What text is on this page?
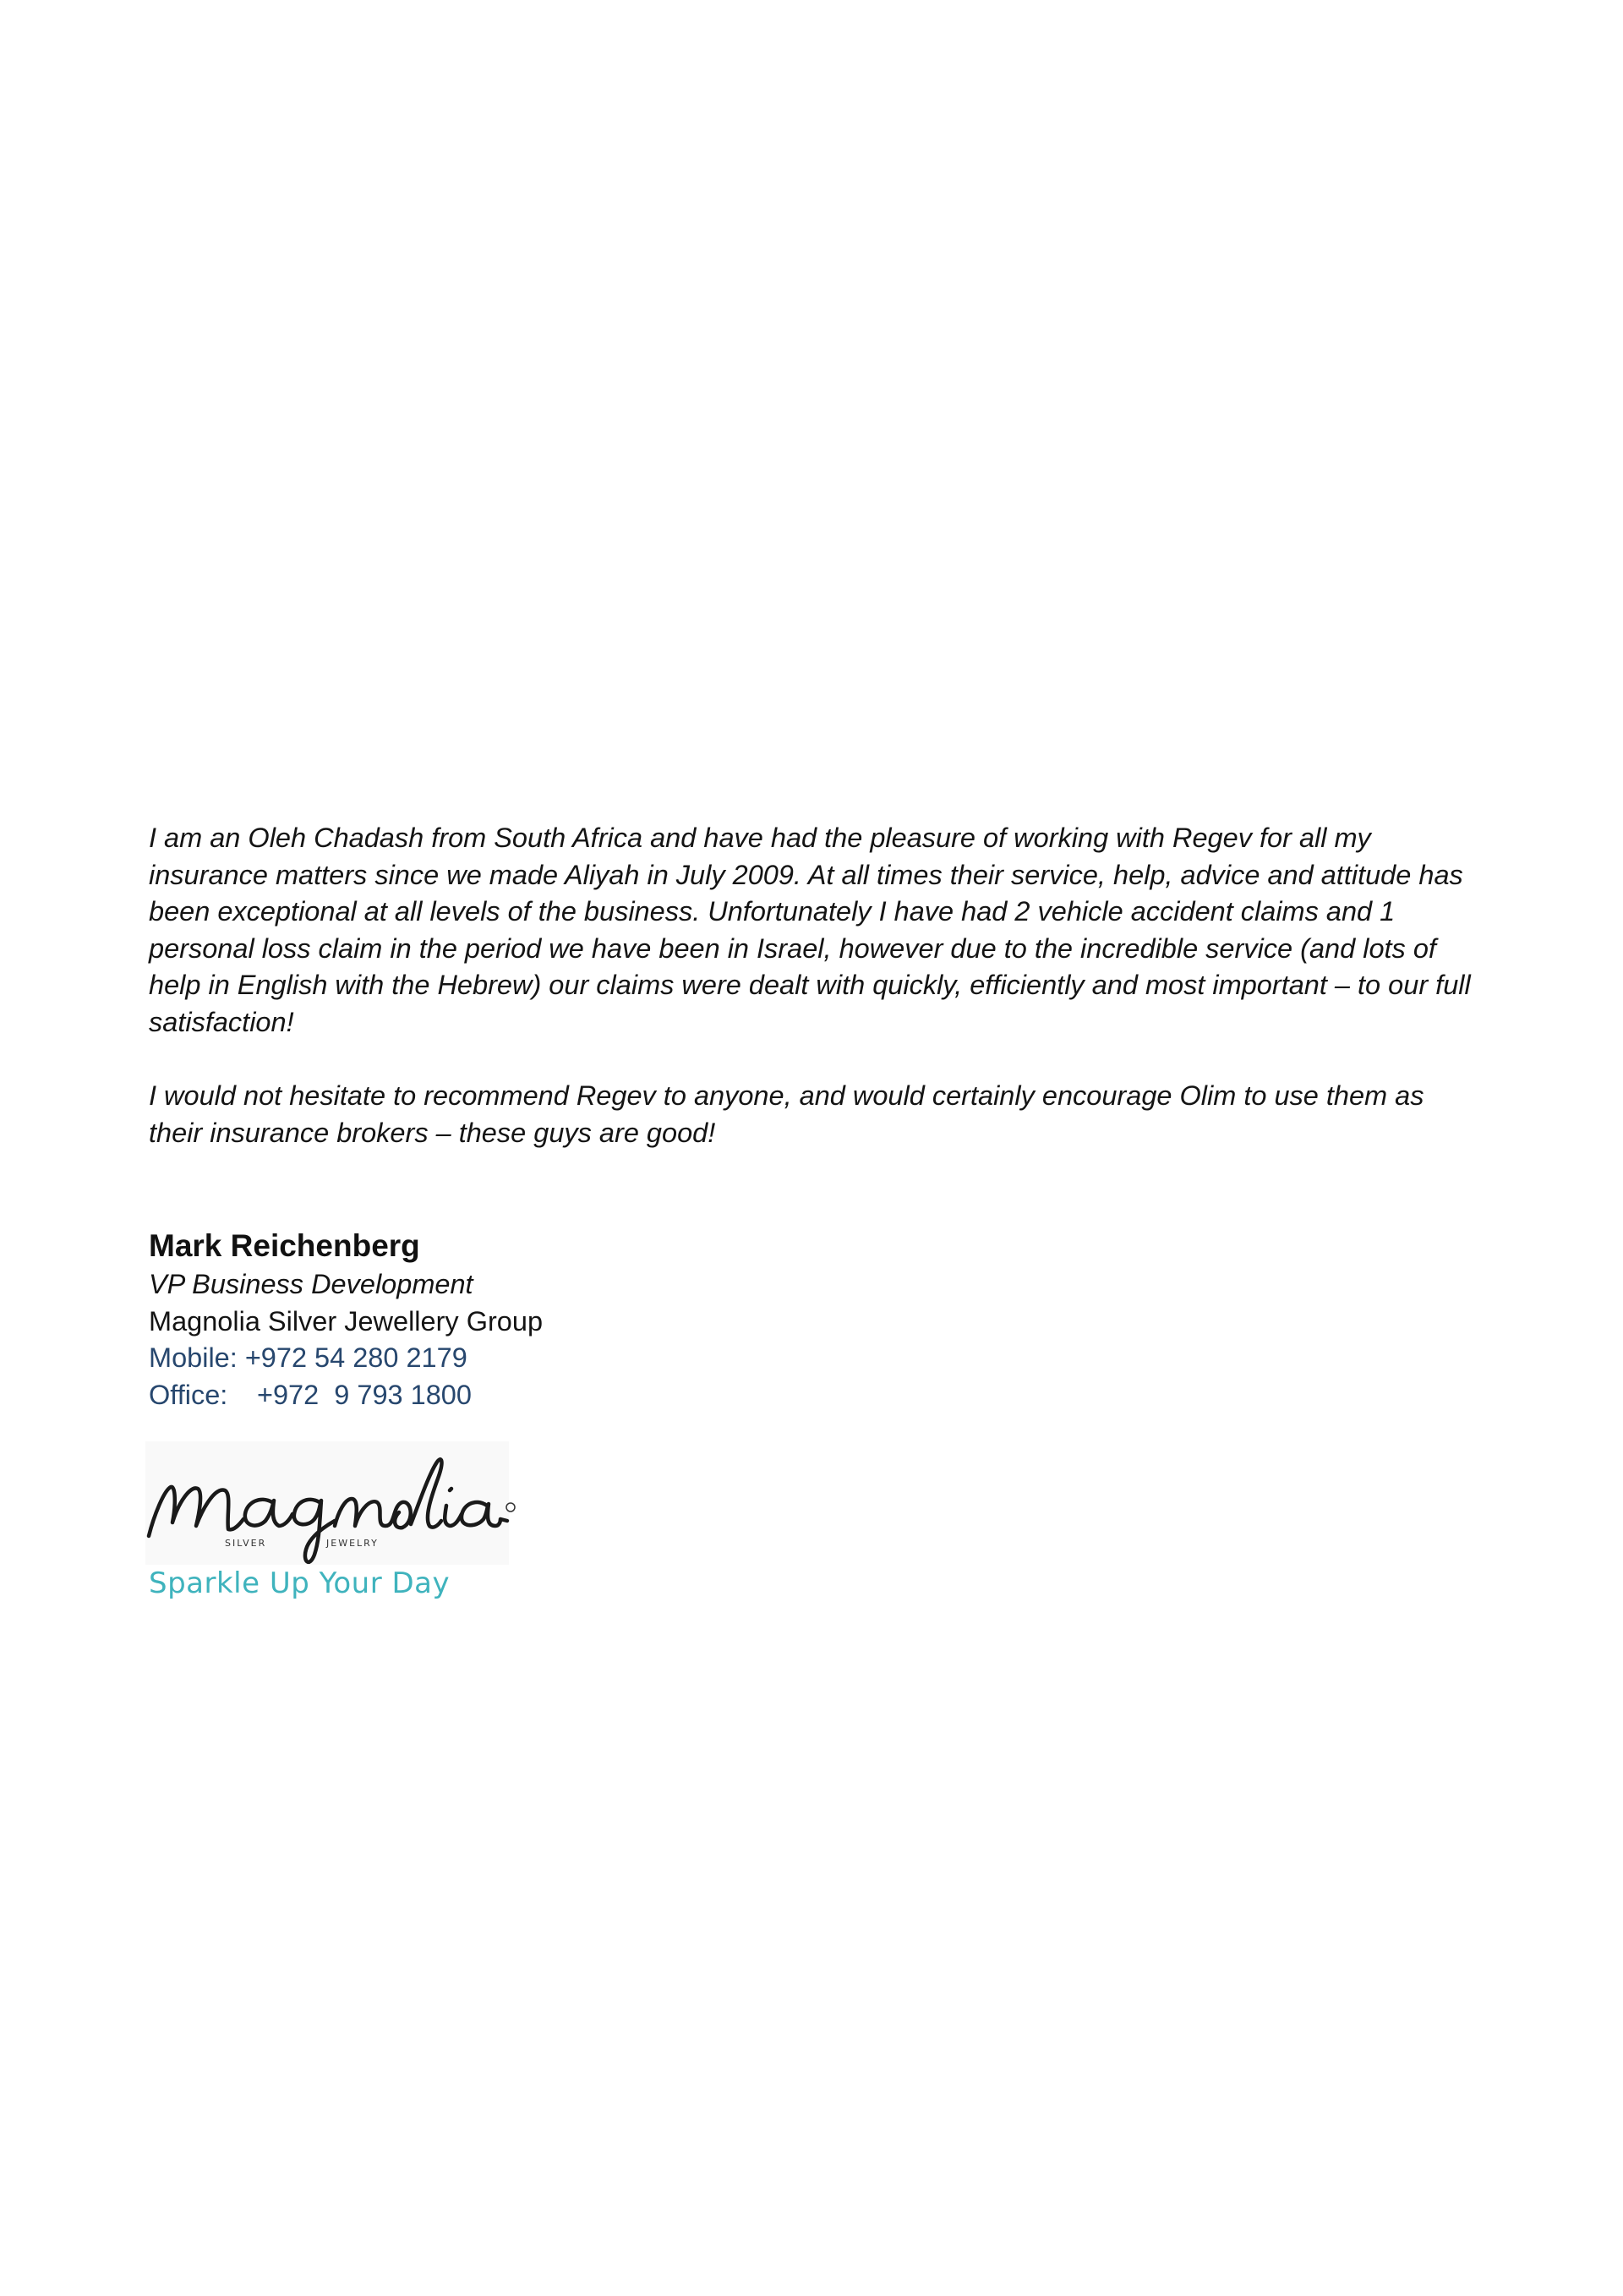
I am an Oleh Chadash from South Africa and have had the pleasure of working with Regev for all my insurance matters since we made Aliyah in July 2009. At all times their service, help, advice and attitude has been exceptional at all levels of the business. Unfortunately I have had 2 vehicle accident claims and 1 personal loss claim in the period we have been in Israel, however due to the incredible service (and lots of help in English with the Hebrew) our claims were dealt with quickly, efficiently and most important – to our full satisfaction!

I would not hesitate to recommend Regev to anyone, and would certainly encourage Olim to use them as their insurance brokers – these guys are good!

Mark Reichenberg
VP Business Development
Magnolia Silver Jewellery Group
Mobile: +972 54 280 2179
Office: +972  9 793 1800
SILVER	JEWELRY
Sparkle Up Your Day
